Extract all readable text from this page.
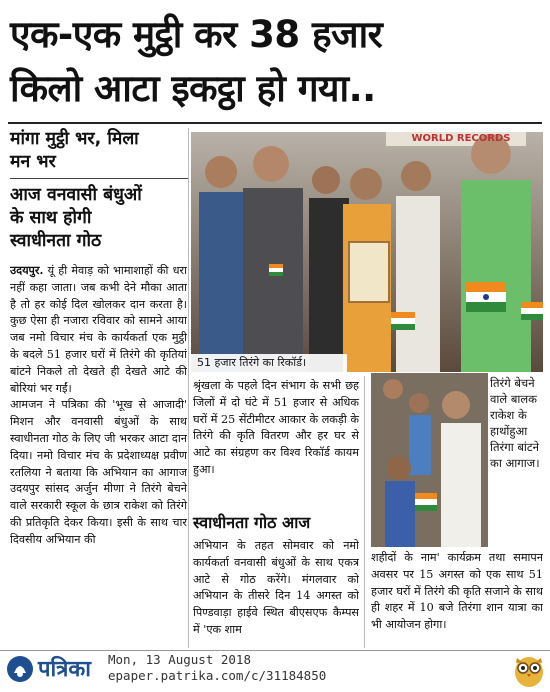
एक-एक मुट्ठी कर 38 हजार
किलो आटा इकट्ठा हो गया..
मांगा मुट्ठी भर, मिला
मन भर
आज वनवासी बंधुओं
के साथ होगी
स्वाधीनता गोठ

उदयपुर. यूं ही मेवाड़ को भामाशाहों की धरा नहीं कहा जाता। जब कभी देने मौका आता है तो हर कोई दिल खोलकर दान करता है। कुछ ऐसा ही नजारा रविवार को सामने आया जब नमो विचार मंच के कार्यकर्ता एक मुट्ठी के बदले 51 हजार घरों में तिरंगे की कृतियां बांटने निकले तो देखते ही देखते आटे की बोरियां भर गईं।

आमजन ने पत्रिका की 'भूख से आजादी' मिशन और वनवासी बंधुओं के साथ स्वाधीनता गोठ के लिए जी भरकर आटा दान दिया। नमो विचार मंच के प्रदेशाध्यक्ष प्रवीण रतलिया ने बताया कि अभियान का आगाज उदयपुर सांसद अर्जुन मीणा ने तिरंगे बेचने वाले सरकारी स्कूल के छात्र राकेश को तिरंगे की प्रतिकृति देकर किया। इसी के साथ चार दिवसीय अभियान की

WORLD RECORDS
51 हजार तिरंगे का रिकॉर्ड।

श्रृंखला के पहले दिन संभाग के सभी छह जिलों में दो घंटे में 51 हजार से अधिक घरों में 25 सेंटीमीटर आकार के लकड़ी के तिरंगे की कृति वितरण और हर घर से आटे का संग्रहण कर विश्व रिकॉर्ड कायम हुआ।

स्वाधीनता गोठ आज

अभियान के तहत सोमवार को नमो कार्यकर्ता वनवासी बंधुओं के साथ एकत्र आटे से गोठ करेंगे। मंगलवार को अभियान के तीसरे दिन 14 अगस्त को पिण्डवाड़ा हाईवे स्थित बीएसएफ कैम्पस में 'एक शाम

तिरंगे बेचने वाले बालक राकेश के हाथोंहुआ तिरंगा बांटने का आगाज।

शहीदों के नाम' कार्यक्रम तथा समापन अवसर पर 15 अगस्त को एक साथ 51 हजार घरों में तिरंगे की कृति सजाने के साथ ही शहर में 10 बजे तिरंगा शान यात्रा का भी आयोजन होगा।

पत्रिका Mon, 13 August 2018
epaper.patrika.com/c/31184850
